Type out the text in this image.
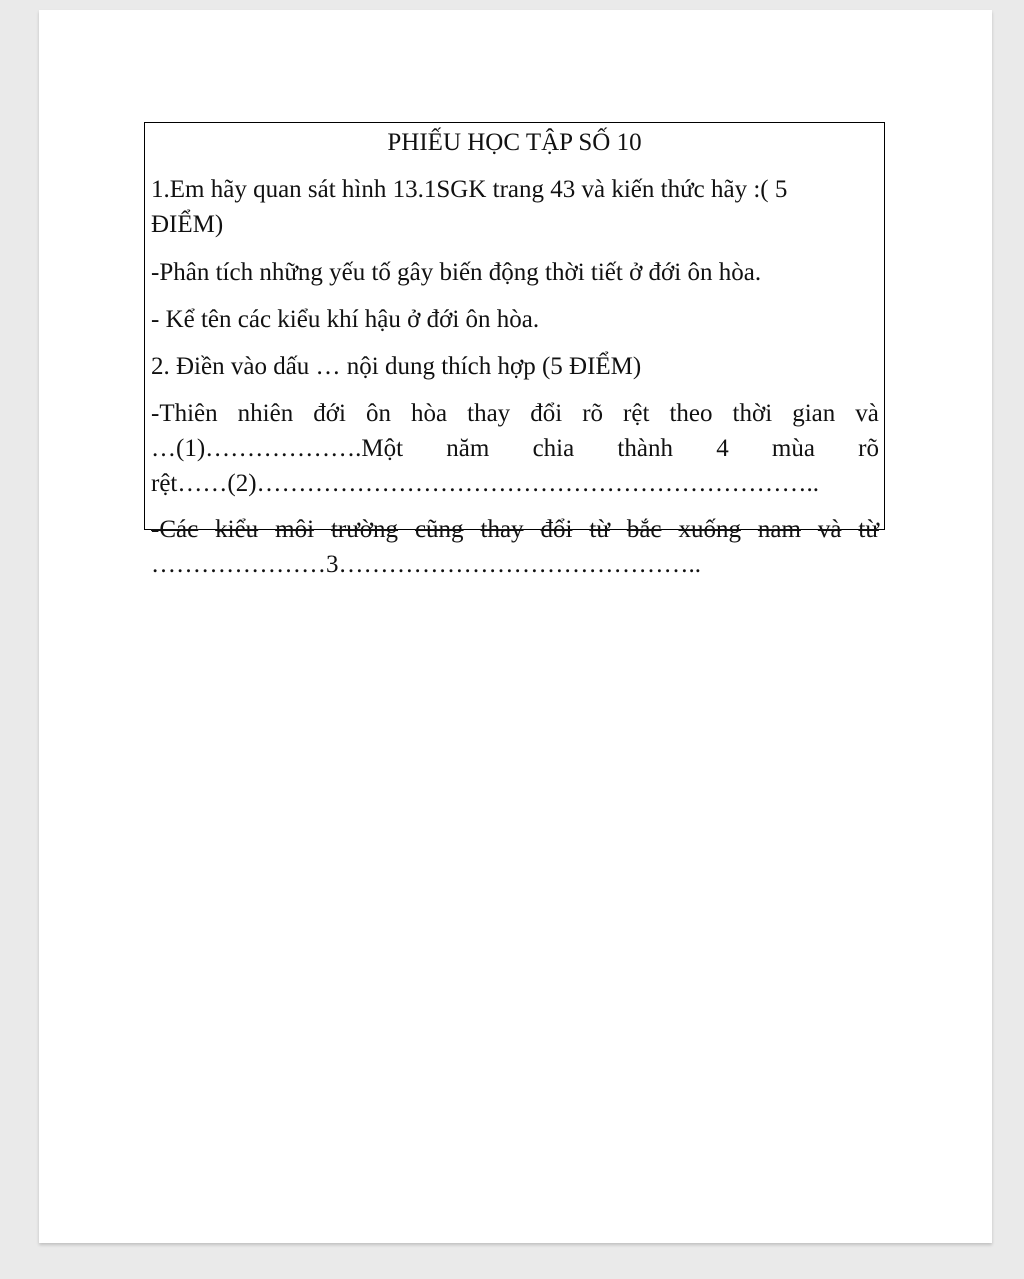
PHIẾU HỌC TẬP SỐ 10
1.Em hãy quan sát hình 13.1SGK trang 43 và kiến thức hãy :( 5
ĐIỂM)
-Phân tích những yếu tố gây biến động thời tiết ở đới ôn hòa.
- Kể tên các kiểu khí hậu ở đới ôn hòa.
2. Điền vào dấu … nội dung thích hợp (5 ĐIỂM)
-Thiên nhiên đới ôn hòa thay đổi rõ rệt theo thời gian và
…(1)……………….Một năm chia thành 4 mùa rõ
rệt……(2)…………………………………………………………..
-Các kiểu môi trường cũng thay đổi từ bắc xuống nam và từ
…………………3……………………………………..
